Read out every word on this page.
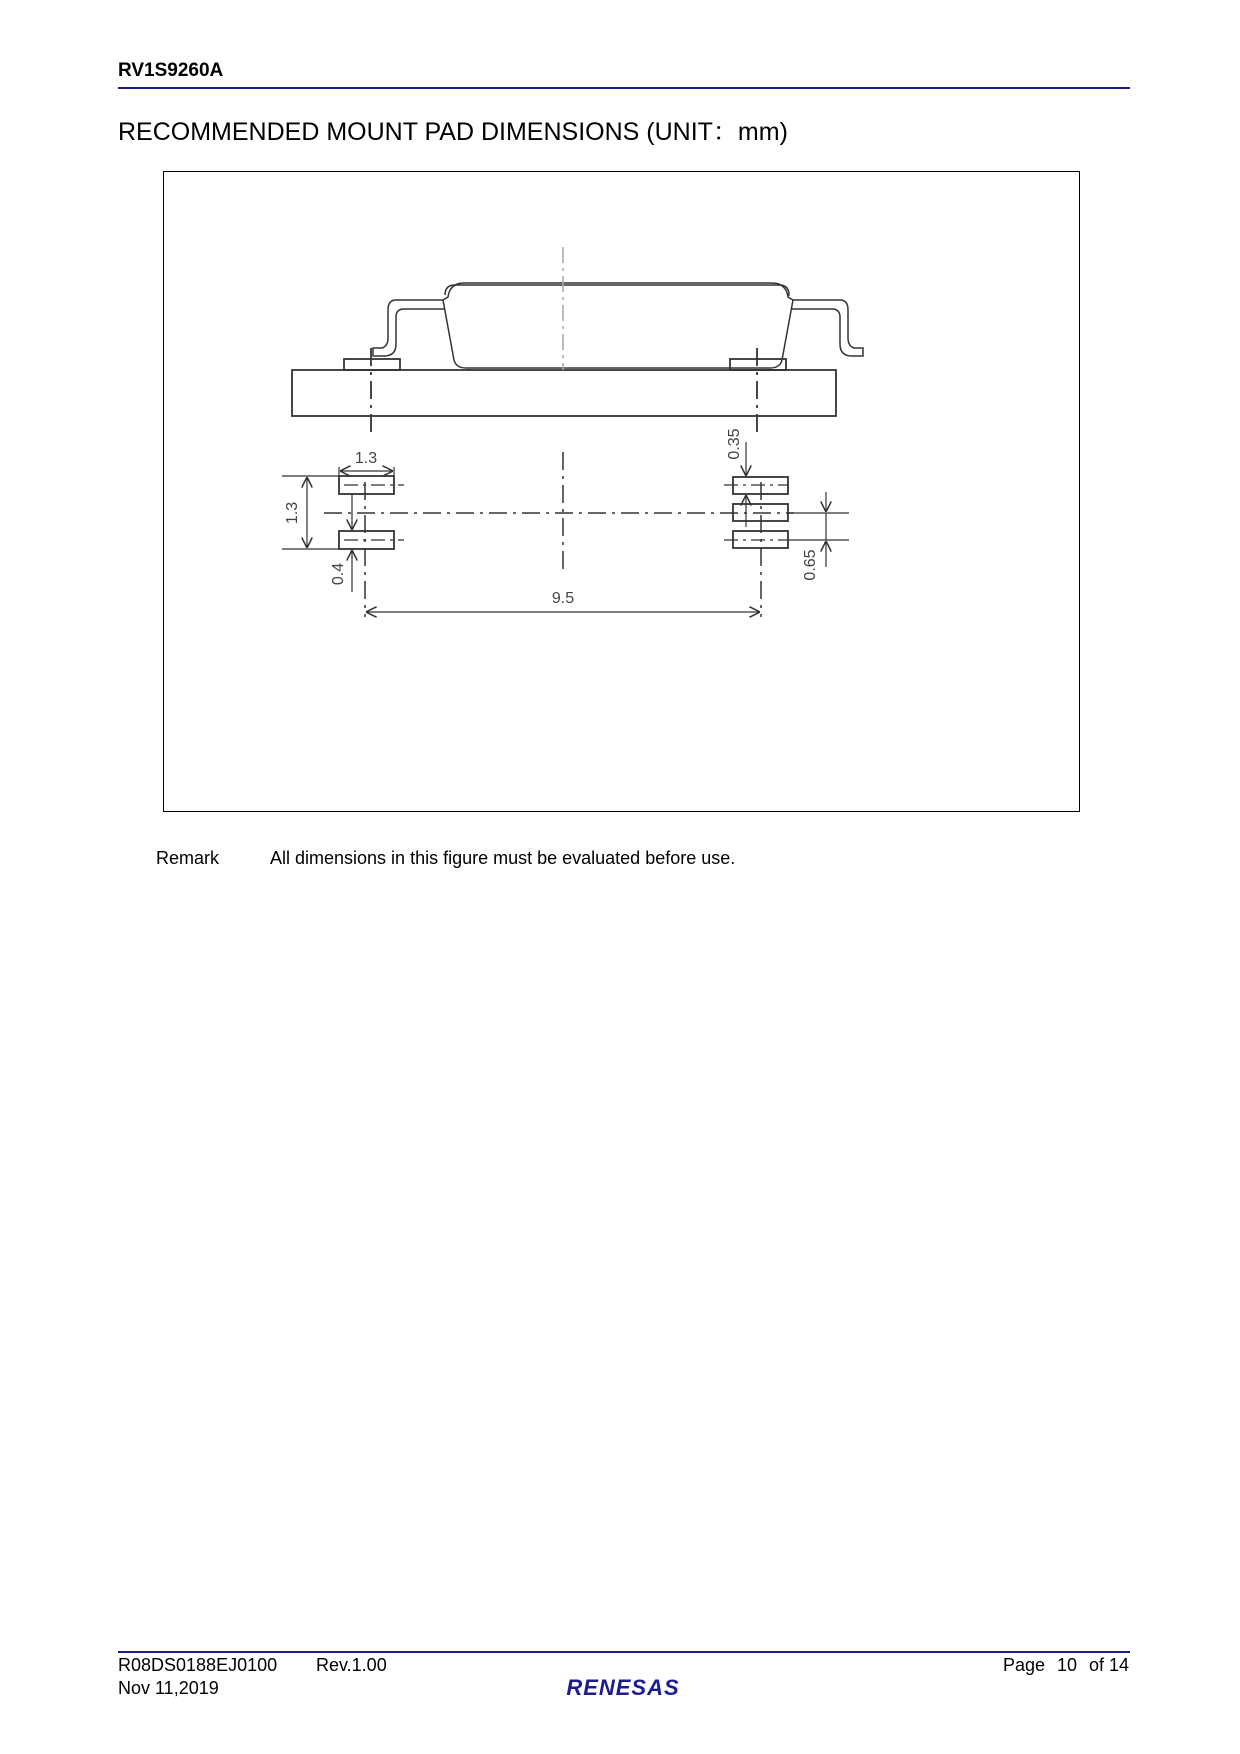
RV1S9260A
RECOMMENDED MOUNT PAD DIMENSIONS (UNIT：mm)
1.3
1.3
0.4
0.35
0.65
9.5
Remark	All dimensions in this figure must be evaluated before use.
R08DS0188EJ0100 Rev.1.00
Nov 11,2019
Page 10 of 14
RENESAS
